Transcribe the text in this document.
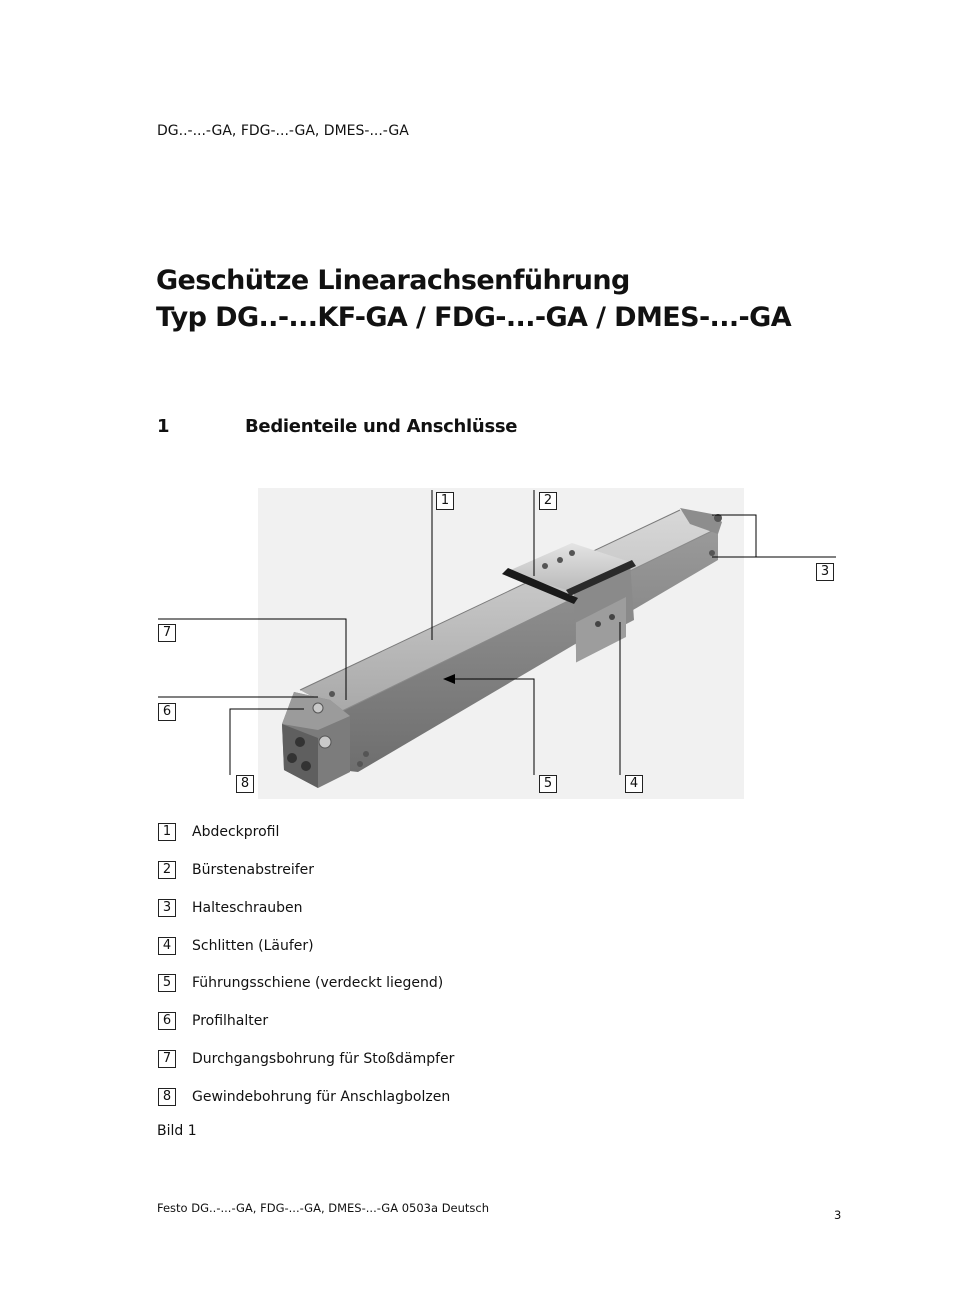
DG..-...-GA, FDG-...-GA, DMES-...-GA
Geschütze Linearachsenführung
Typ DG..-...KF-GA / FDG-...-GA / DMES-...-GA
1	Bedienteile und Anschlüsse
1	2
3
4
5
6
7
8
1	Abdeckprofil
2	Bürstenabstreifer
3	Halteschrauben
4	Schlitten (Läufer)
5	Führungsschiene (verdeckt liegend)
6	Profilhalter
7	Durchgangsbohrung für Stoßdämpfer
8	Gewindebohrung für Anschlagbolzen
Bild 1
Festo DG..-...-GA, FDG-...-GA, DMES-...-GA 0503a Deutsch	3
